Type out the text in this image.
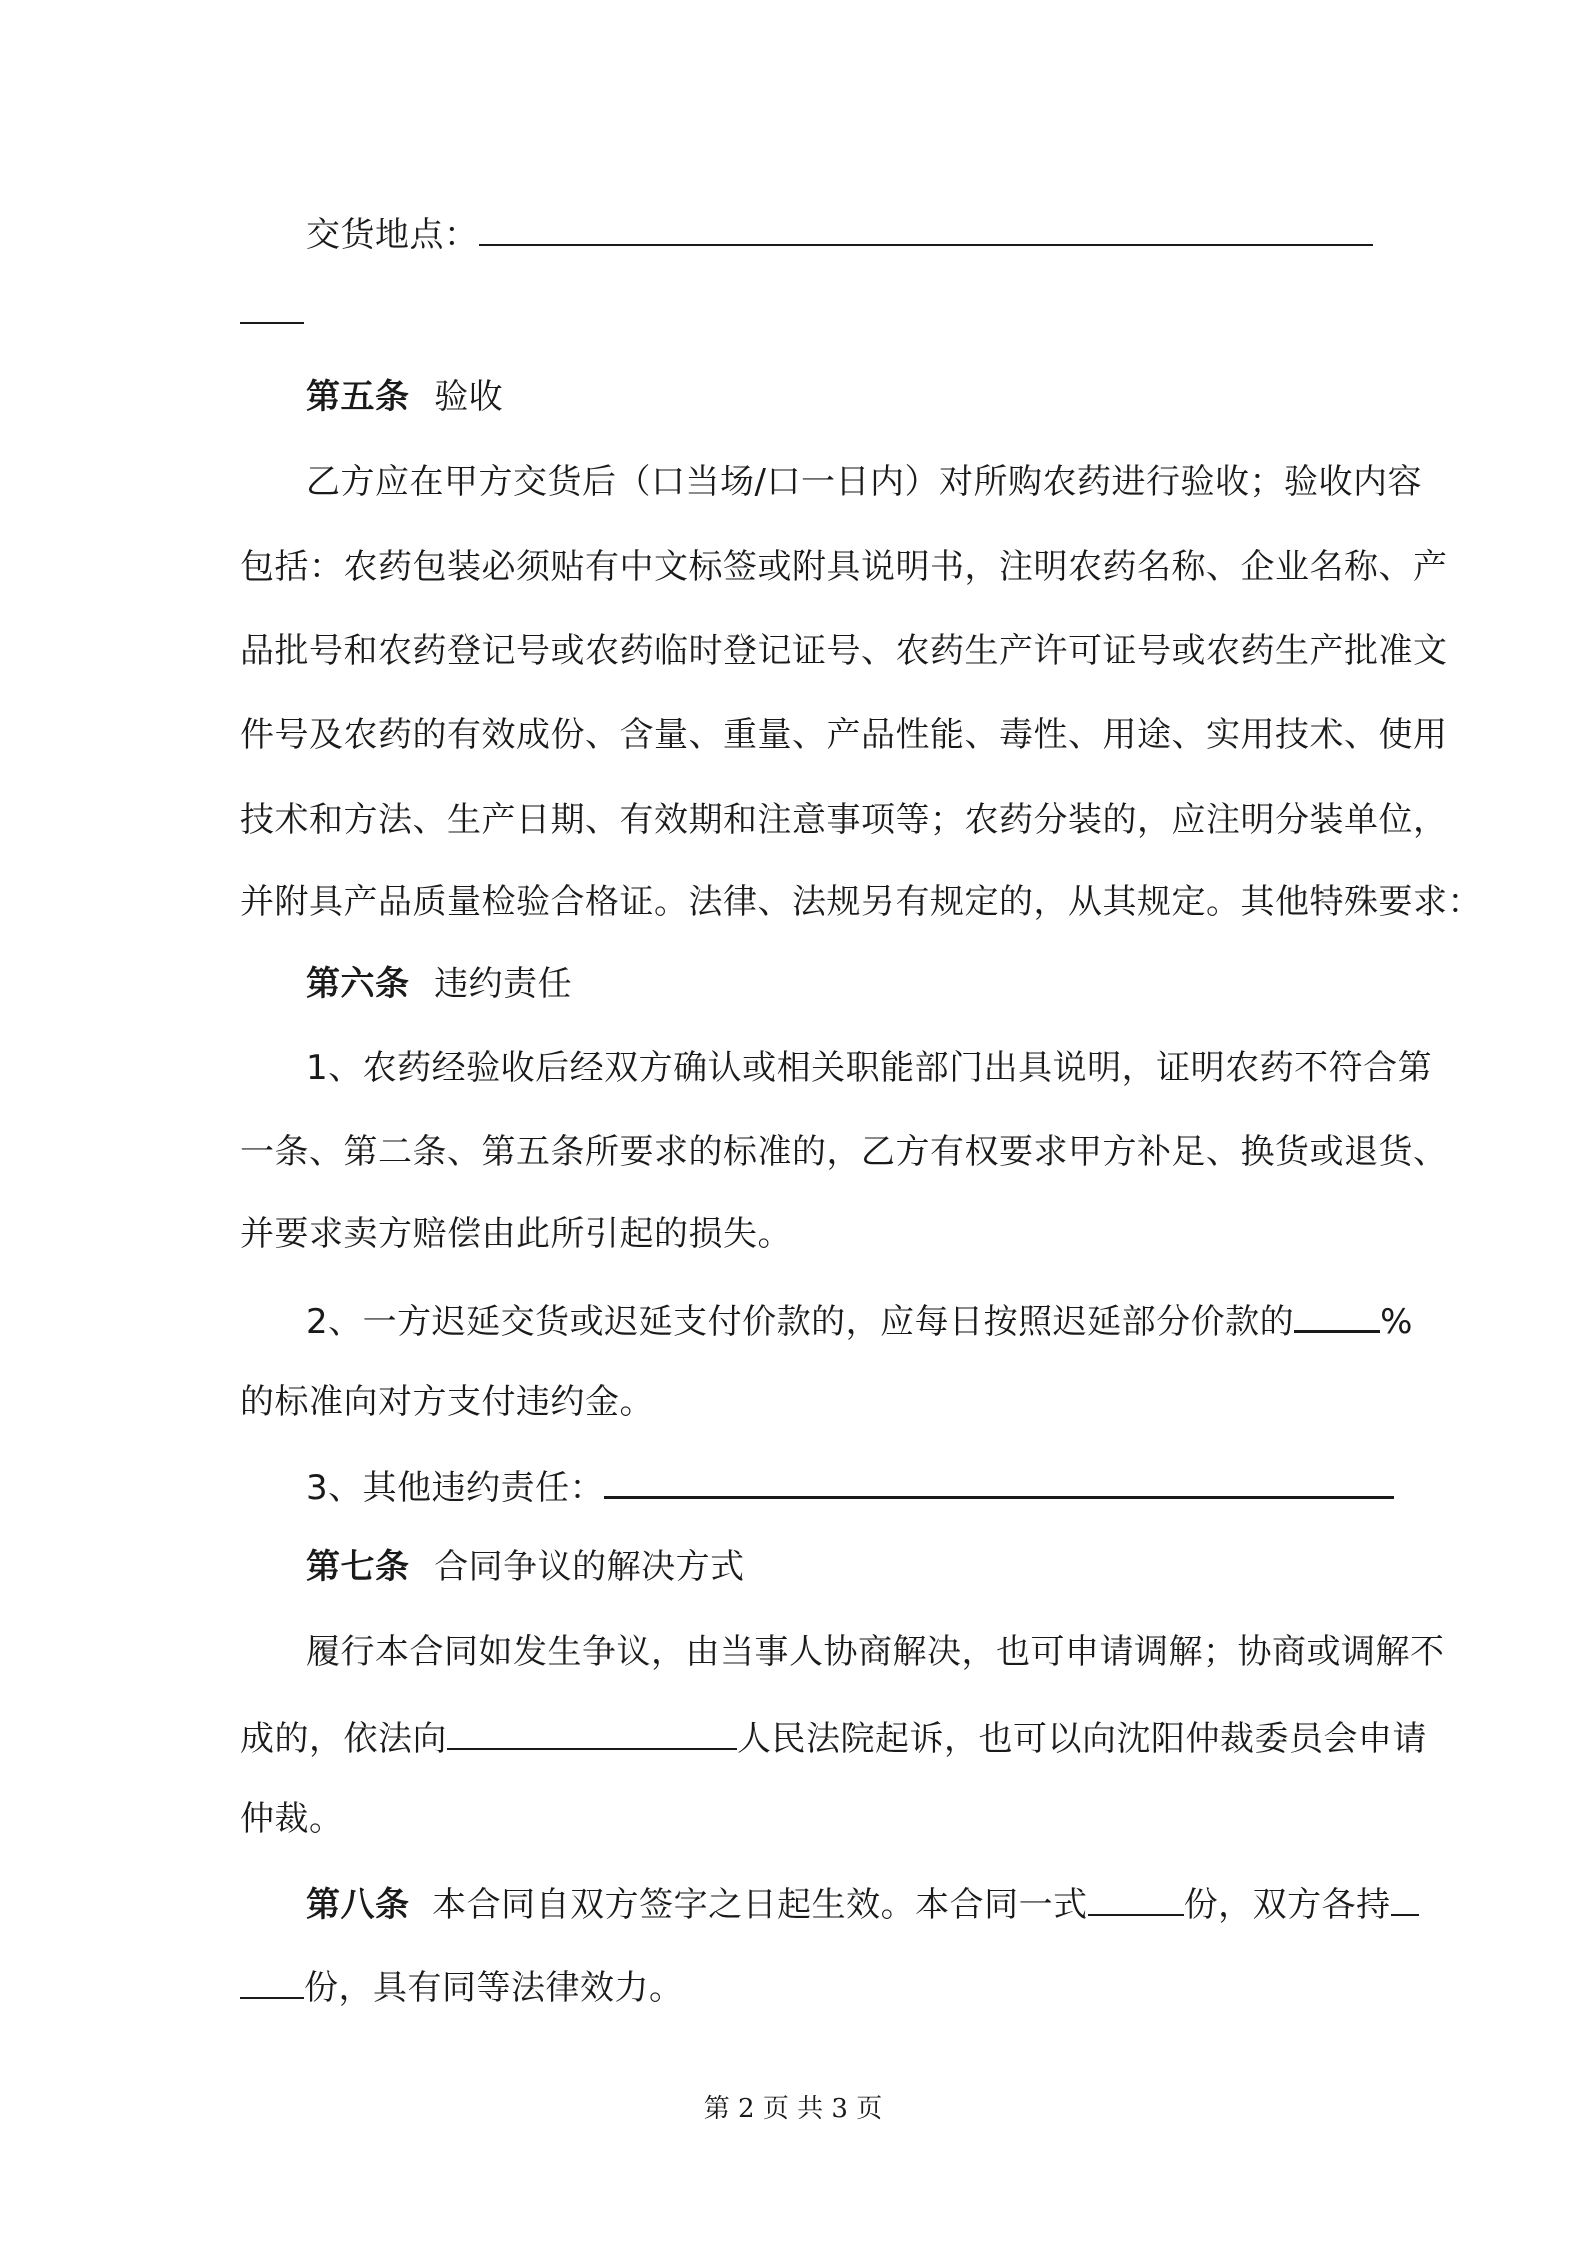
交货地点：
第五条 验收
乙方应在甲方交货后（口当场/口一日内）对所购农药进行验收；验收内容
包括：农药包装必须贴有中文标签或附具说明书，注明农药名称、企业名称、产
品批号和农药登记号或农药临时登记证号、农药生产许可证号或农药生产批准文
件号及农药的有效成份、含量、重量、产品性能、毒性、用途、实用技术、使用
技术和方法、生产日期、有效期和注意事项等；农药分装的，应注明分装单位，
并附具产品质量检验合格证。法律、法规另有规定的，从其规定。其他特殊要求：
第六条 违约责任
1、农药经验收后经双方确认或相关职能部门出具说明，证明农药不符合第
一条、第二条、第五条所要求的标准的，乙方有权要求甲方补足、换货或退货、
并要求卖方赔偿由此所引起的损失。
2、一方迟延交货或迟延支付价款的，应每日按照迟延部分价款的	%
的标准向对方支付违约金。
3、其他违约责任：
第七条 合同争议的解决方式
履行本合同如发生争议，由当事人协商解决，也可申请调解；协商或调解不
成的，依法向	人民法院起诉，也可以向沈阳仲裁委员会申请
仲裁。
第八条 本合同自双方签字之日起生效。本合同一式	份，双方各持
份，具有同等法律效力。
第 2 页 共 3 页
